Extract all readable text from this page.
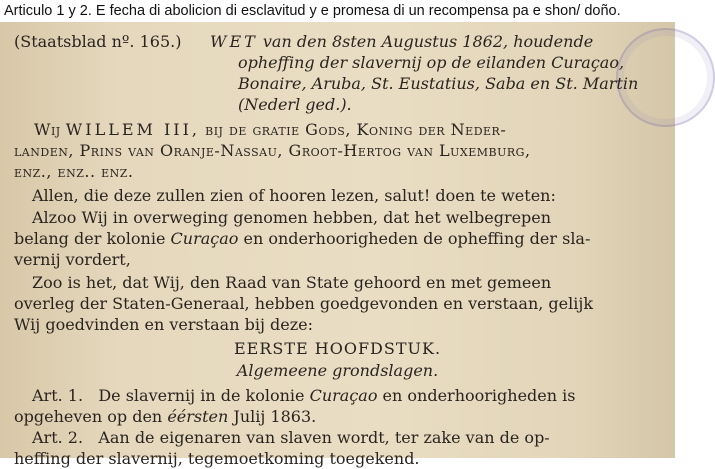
Articulo 1 y 2. E fecha di abolicion di esclavitud y e promesa di un recompensa pa e shon/ doño.
(Staatsblad nº. 165.) WET van den 8sten Augustus 1862, houdende
opheffing der slavernij op de eilanden Curaçao,
Bonaire, Aruba, St. Eustatius, Saba en St. Martin
(Nederl ged.).
Wij WILLEM III, bij de gratie Gods, Koning der Neder-
landen, Prins van Oranje-Nassau, Groot-Hertog van Luxemburg,
enz., enz.. enz.
Allen, die deze zullen zien of hooren lezen, salut! doen te weten:
Alzoo Wij in overweging genomen hebben, dat het welbegrepen
belang der kolonie Curaçao en onderhoorigheden de opheffing der sla-
vernij vordert,
Zoo is het, dat Wij, den Raad van State gehoord en met gemeen
overleg der Staten-Generaal, hebben goedgevonden en verstaan, gelijk
Wij goedvinden en verstaan bij deze:
EERSTE HOOFDSTUK.
Algemeene grondslagen.
Art. 1.   De slavernij in de kolonie Curaçao en onderhoorigheden is
opgeheven op den éérsten Julij 1863.
Art. 2.   Aan de eigenaren van slaven wordt, ter zake van de op-
heffing der slavernij, tegemoetkoming toegekend.
